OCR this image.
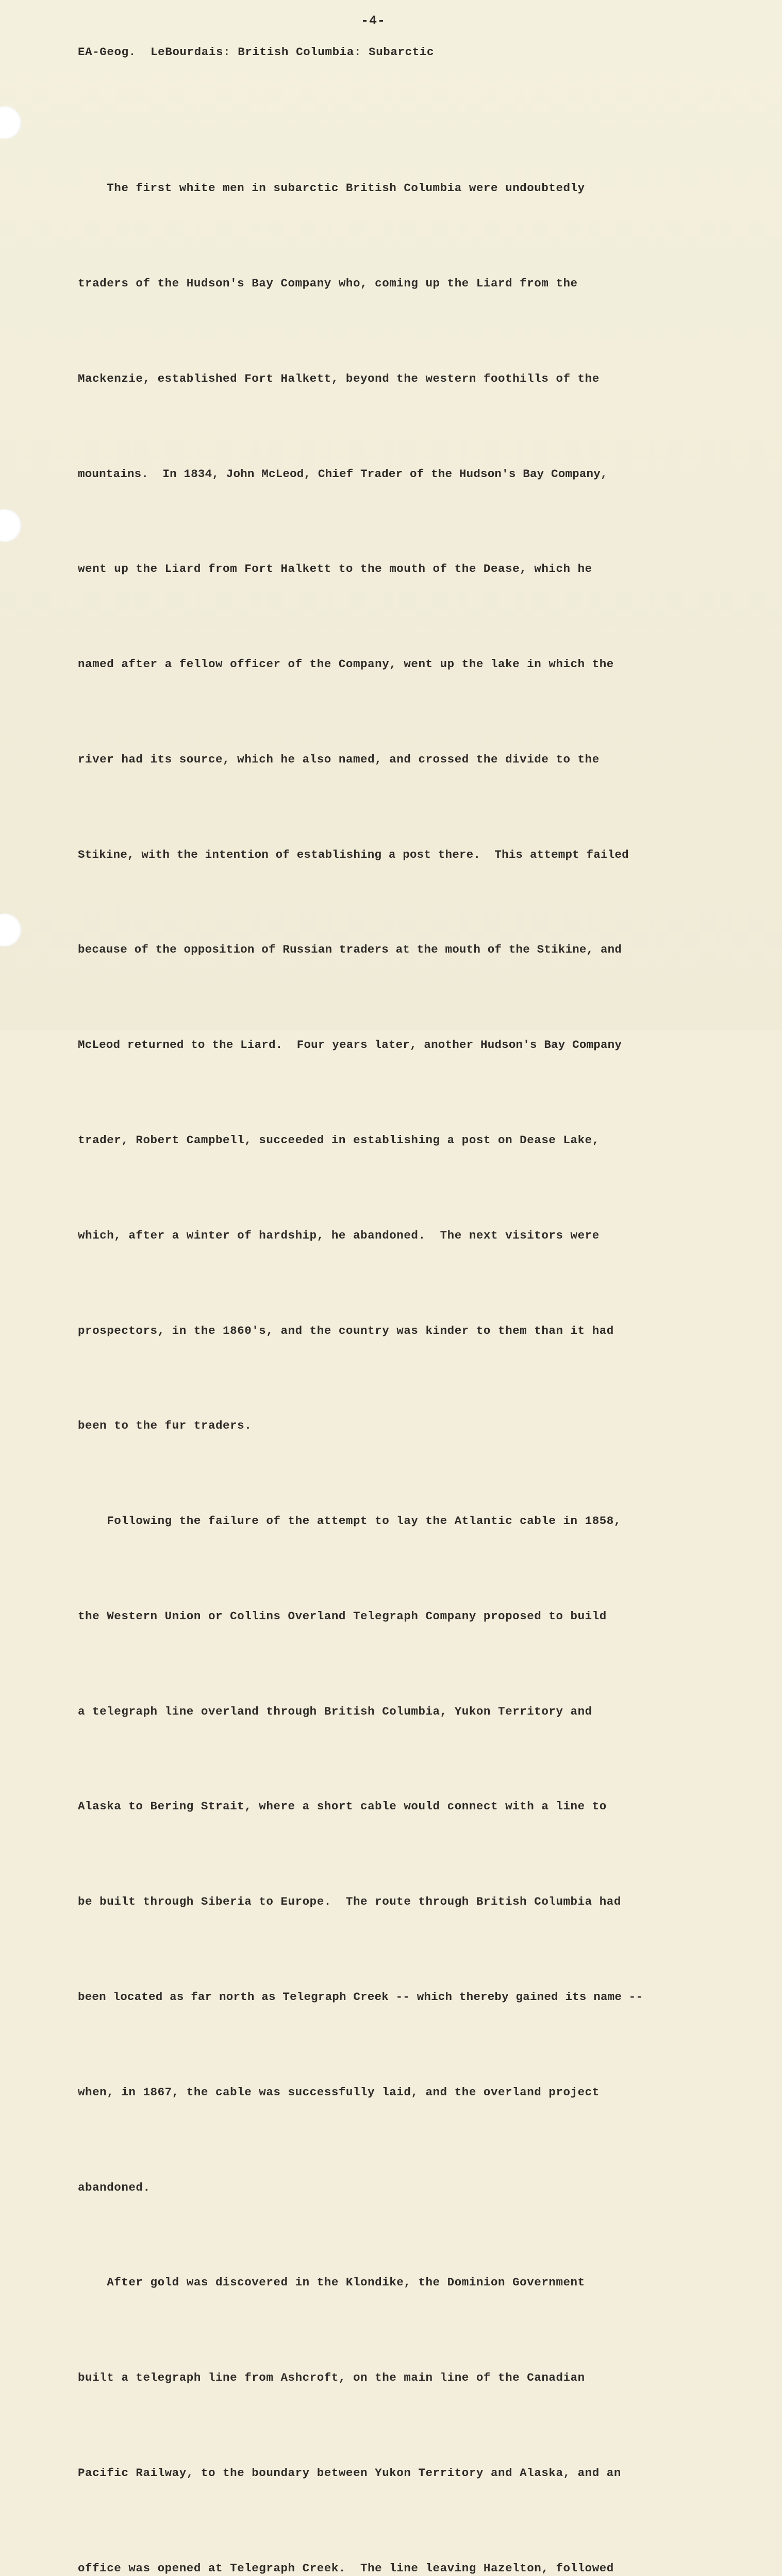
-4-
EA-Geog.  LeBourdais: British Columbia: Subarctic

The first white men in subarctic British Columbia were undoubtedly

traders of the Hudson's Bay Company who, coming up the Liard from the

Mackenzie, established Fort Halkett, beyond the western foothills of the

mountains.  In 1834, John McLeod, Chief Trader of the Hudson's Bay Company,

went up the Liard from Fort Halkett to the mouth of the Dease, which he

named after a fellow officer of the Company, went up the lake in which the

river had its source, which he also named, and crossed the divide to the

Stikine, with the intention of establishing a post there.  This attempt failed

because of the opposition of Russian traders at the mouth of the Stikine, and

McLeod returned to the Liard.  Four years later, another Hudson's Bay Company

trader, Robert Campbell, succeeded in establishing a post on Dease Lake,

which, after a winter of hardship, he abandoned.  The next visitors were

prospectors, in the 1860's, and the country was kinder to them than it had

been to the fur traders.

Following the failure of the attempt to lay the Atlantic cable in 1858,

the Western Union or Collins Overland Telegraph Company proposed to build

a telegraph line overland through British Columbia, Yukon Territory and

Alaska to Bering Strait, where a short cable would connect with a line to

be built through Siberia to Europe.  The route through British Columbia had

been located as far north as Telegraph Creek -- which thereby gained its name --

when, in 1867, the cable was successfully laid, and the overland project

abandoned.

After gold was discovered in the Klondike, the Dominion Government

built a telegraph line from Ashcroft, on the main line of the Canadian

Pacific Railway, to the boundary between Yukon Territory and Alaska, and an

office was opened at Telegraph Creek.  The line leaving Hazelton, followed
